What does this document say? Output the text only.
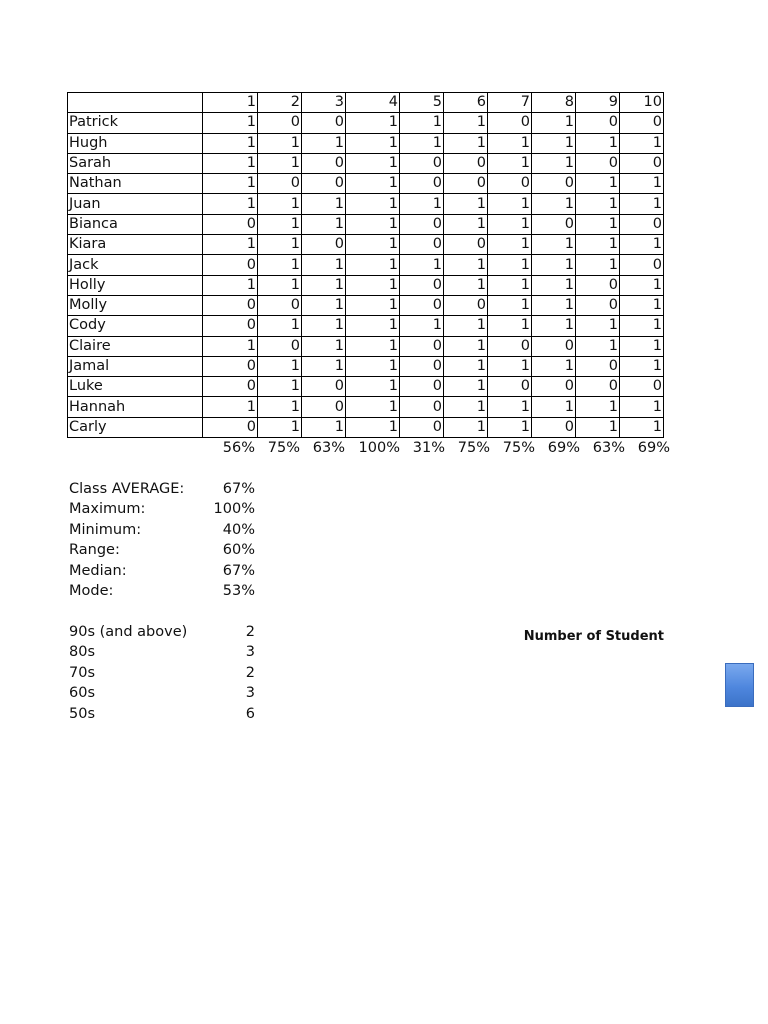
	1	2	3	4	5	6	7	8	9	10
Patrick	1	0	0	1	1	1	0	1	0	0
Hugh	1	1	1	1	1	1	1	1	1	1
Sarah	1	1	0	1	0	0	1	1	0	0
Nathan	1	0	0	1	0	0	0	0	1	1
Juan	1	1	1	1	1	1	1	1	1	1
Bianca	0	1	1	1	0	1	1	0	1	0
Kiara	1	1	0	1	0	0	1	1	1	1
Jack	0	1	1	1	1	1	1	1	1	0
Holly	1	1	1	1	0	1	1	1	0	1
Molly	0	0	1	1	0	0	1	1	0	1
Cody	0	1	1	1	1	1	1	1	1	1
Claire	1	0	1	1	0	1	0	0	1	1
Jamal	0	1	1	1	0	1	1	1	0	1
Luke	0	1	0	1	0	1	0	0	0	0
Hannah	1	1	0	1	0	1	1	1	1	1
Carly	0	1	1	1	0	1	1	0	1	1
56% 75% 63% 100% 31% 75% 75% 69% 63% 69%
Class AVERAGE:	67%
Maximum:	100%
Minimum:	40%
Range:	60%
Median:	67%
Mode:	53%
90s (and above)	2
80s	3
70s	2
60s	3
50s	6
Number of Student
